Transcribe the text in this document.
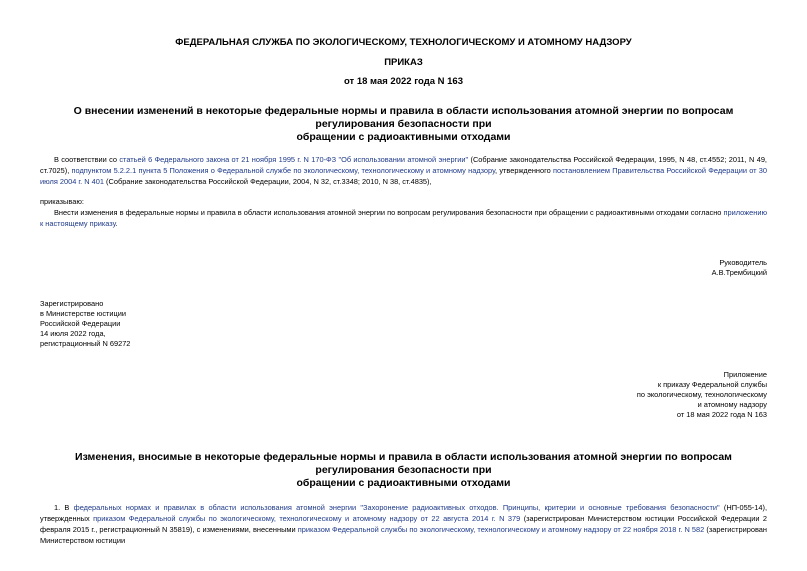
ФЕДЕРАЛЬНАЯ СЛУЖБА ПО ЭКОЛОГИЧЕСКОМУ, ТЕХНОЛОГИЧЕСКОМУ И АТОМНОМУ НАДЗОРУ
ПРИКАЗ
от 18 мая 2022 года N 163
О внесении изменений в некоторые федеральные нормы и правила в области использования атомной энергии по вопросам регулирования безопасности при
обращении с радиоактивными отходами
В соответствии со статьей 6 Федерального закона от 21 ноября 1995 г. N 170-ФЗ "Об использовании атомной энергии" (Собрание законодательства Российской Федерации, 1995, N 48, ст.4552; 2011, N 49, ст.7025), подпунктом 5.2.2.1 пункта 5 Положения о Федеральной службе по экологическому, технологическому и атомному надзору, утвержденного постановлением Правительства Российской Федерации от 30 июля 2004 г. N 401 (Собрание законодательства Российской Федерации, 2004, N 32, ст.3348; 2010, N 38, ст.4835),
приказываю:
Внести изменения в федеральные нормы и правила в области использования атомной энергии по вопросам регулирования безопасности при обращении с радиоактивными отходами согласно приложению к настоящему приказу.
Руководитель
А.В.Трембицкий
Зарегистрировано
в Министерстве юстиции
Российской Федерации
14 июля 2022 года,
регистрационный N 69272
Приложение
к приказу Федеральной службы
по экологическому, технологическому
и атомному надзору
от 18 мая 2022 года N 163
Изменения, вносимые в некоторые федеральные нормы и правила в области использования атомной энергии по вопросам регулирования безопасности при
обращении с радиоактивными отходами
1. В федеральных нормах и правилах в области использования атомной энергии "Захоронение радиоактивных отходов. Принципы, критерии и основные требования безопасности" (НП-055-14), утвержденных приказом Федеральной службы по экологическому, технологическому и атомному надзору от 22 августа 2014 г. N 379 (зарегистрирован Министерством юстиции Российской Федерации 2 февраля 2015 г., регистрационный N 35819), с изменениями, внесенными приказом Федеральной службы по экологическому, технологическому и атомному надзору от 22 ноября 2018 г. N 582 (зарегистрирован Министерством юстиции
